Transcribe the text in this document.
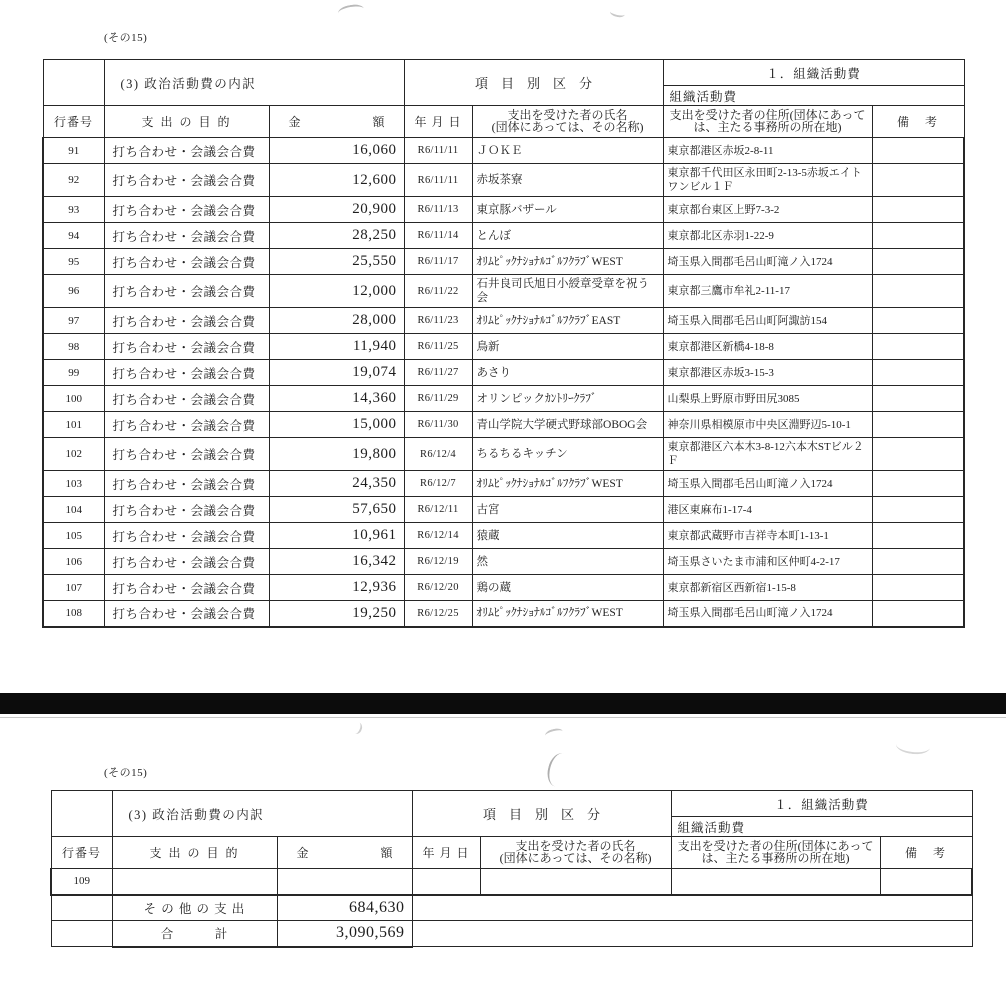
(その15)
	(3) 政治活動費の内訳		項　目　別　区　分		１．組織活動費	
					組織活動費	
行番号	支 出 の 目 的	金　　　　　　額	年 月 日	支出を受けた者の氏名
(団体にあっては、その名称)	支出を受けた者の住所(団体にあっては、主たる事務所の所在地)	備　考
91	打ち合わせ・会議会合費	16,060	R6/11/11	ＪＯＫＥ	東京都港区赤坂2-8-11	
92	打ち合わせ・会議会合費	12,600	R6/11/11	赤坂茶寮	東京都千代田区永田町2-13-5赤坂エイトワンビル１Ｆ	
93	打ち合わせ・会議会合費	20,900	R6/11/13	東京豚バザール	東京都台東区上野7-3-2	
94	打ち合わせ・会議会合費	28,250	R6/11/14	とんぼ	東京都北区赤羽1-22-9	
95	打ち合わせ・会議会合費	25,550	R6/11/17	ｵﾘﾑﾋﾟｯｸﾅｼｮﾅﾙｺﾞﾙﾌｸﾗﾌﾞWEST	埼玉県入間郡毛呂山町滝ノ入1724	
96	打ち合わせ・会議会合費	12,000	R6/11/22	石井良司氏旭日小綬章受章を祝う会	東京都三鷹市牟礼2-11-17	
97	打ち合わせ・会議会合費	28,000	R6/11/23	ｵﾘﾑﾋﾟｯｸﾅｼｮﾅﾙｺﾞﾙﾌｸﾗﾌﾞEAST	埼玉県入間郡毛呂山町阿諏訪154	
98	打ち合わせ・会議会合費	11,940	R6/11/25	鳥新	東京都港区新橋4-18-8	
99	打ち合わせ・会議会合費	19,074	R6/11/27	あさり	東京都港区赤坂3-15-3	
100	打ち合わせ・会議会合費	14,360	R6/11/29	オリンピックｶﾝﾄﾘｰｸﾗﾌﾞ	山梨県上野原市野田尻3085	
101	打ち合わせ・会議会合費	15,000	R6/11/30	青山学院大学硬式野球部OBOG会	神奈川県相模原市中央区淵野辺5-10-1	
102	打ち合わせ・会議会合費	19,800	R6/12/4	ちるちるキッチン	東京都港区六本木3-8-12六本木STビル２Ｆ	
103	打ち合わせ・会議会合費	24,350	R6/12/7	ｵﾘﾑﾋﾟｯｸﾅｼｮﾅﾙｺﾞﾙﾌｸﾗﾌﾞWEST	埼玉県入間郡毛呂山町滝ノ入1724	
104	打ち合わせ・会議会合費	57,650	R6/12/11	古宮	港区東麻布1-17-4	
105	打ち合わせ・会議会合費	10,961	R6/12/14	猿蔵	東京都武蔵野市吉祥寺本町1-13-1	
106	打ち合わせ・会議会合費	16,342	R6/12/19	然	埼玉県さいたま市浦和区仲町4-2-17	
107	打ち合わせ・会議会合費	12,936	R6/12/20	鶏の蔵	東京都新宿区西新宿1-15-8	
108	打ち合わせ・会議会合費	19,250	R6/12/25	ｵﾘﾑﾋﾟｯｸﾅｼｮﾅﾙｺﾞﾙﾌｸﾗﾌﾞWEST	埼玉県入間郡毛呂山町滝ノ入1724	
(その15)
	(3) 政治活動費の内訳		項　目　別　区　分		１．組織活動費	
					組織活動費	
行番号	支 出 の 目 的	金　　　　　　額	年 月 日	支出を受けた者の氏名
(団体にあっては、その名称)	支出を受けた者の住所(団体にあっては、主たる事務所の所在地)	備　考
109						
	そ の 他 の 支 出	684,630				
	合　　　計	3,090,569				
